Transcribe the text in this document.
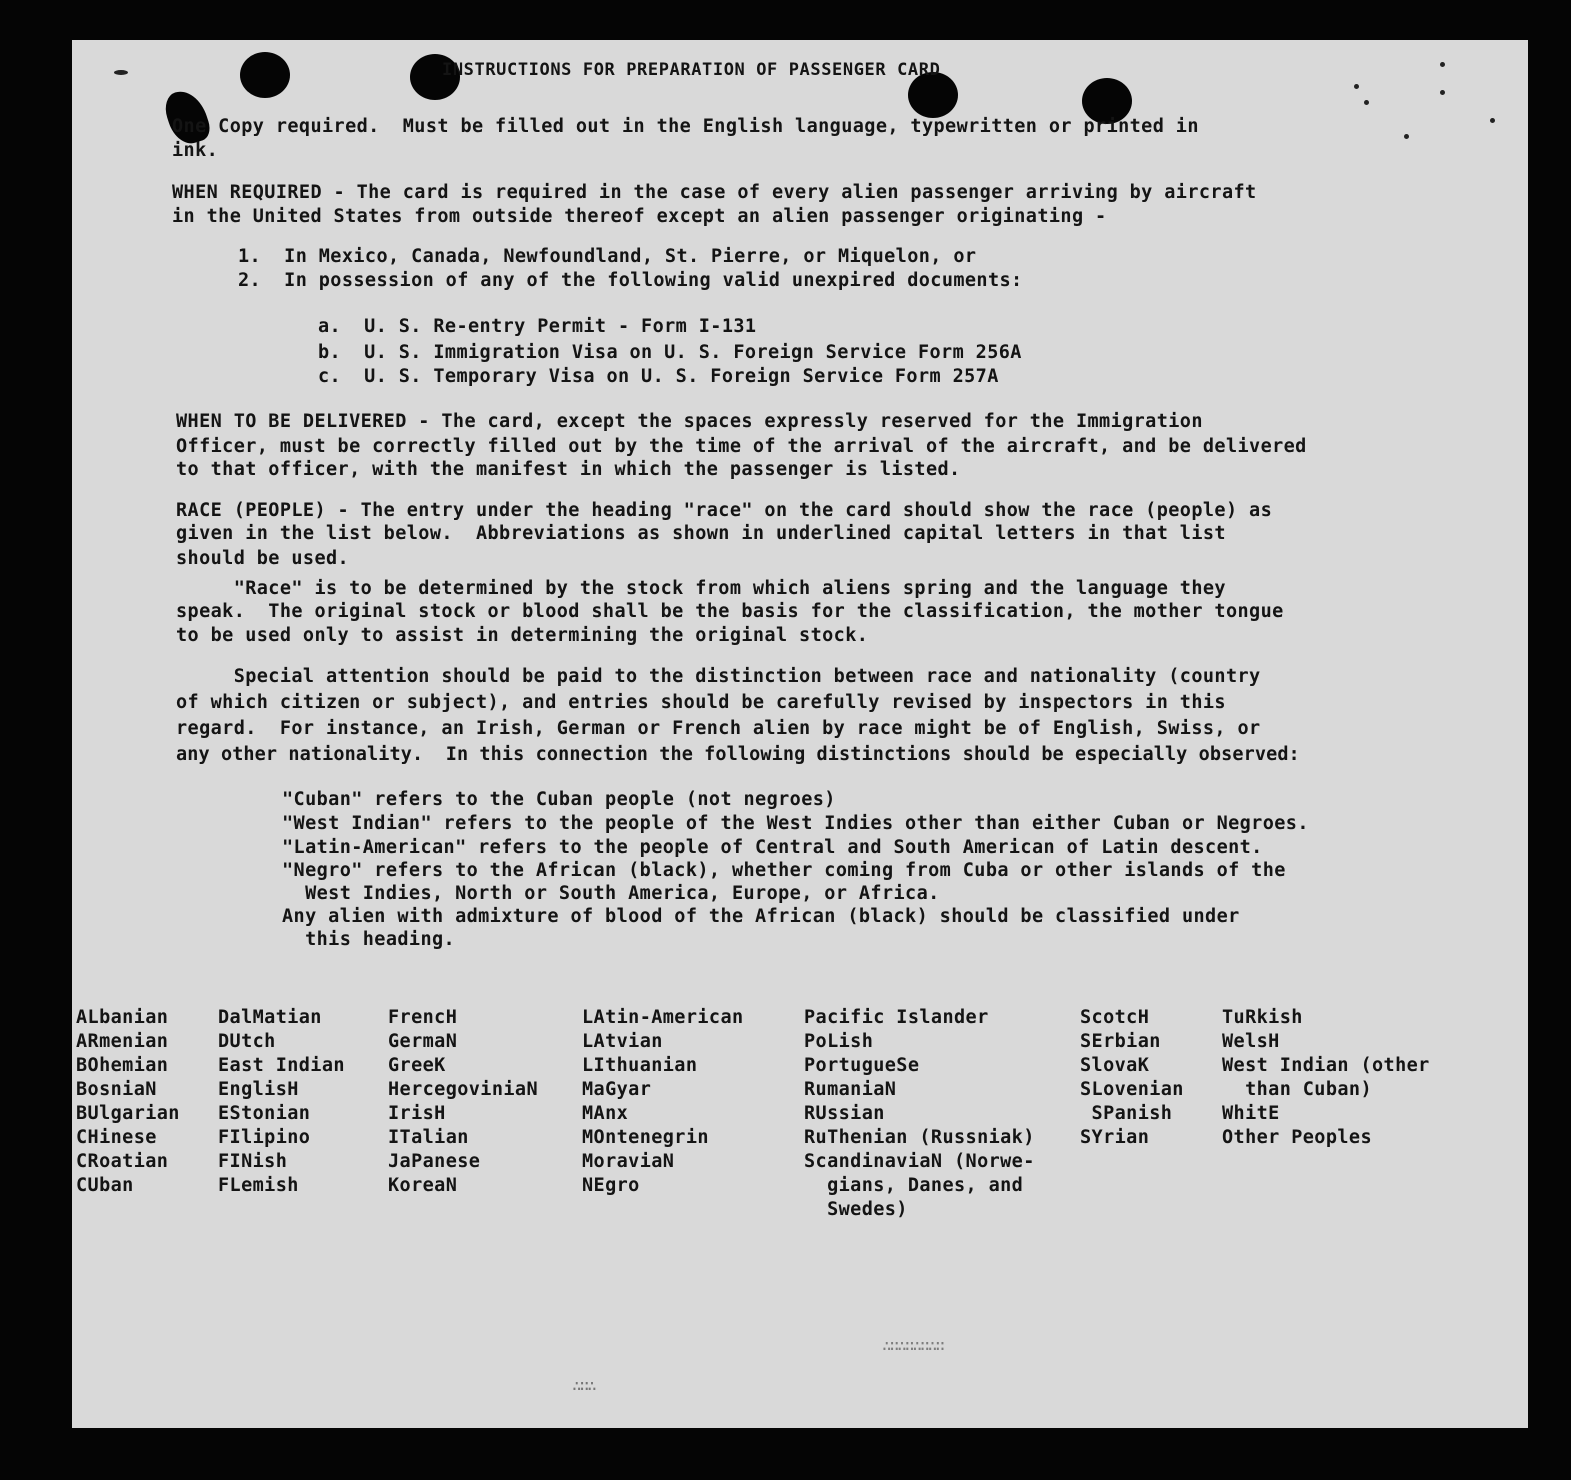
INSTRUCTIONS FOR PREPARATION OF PASSENGER CARD
One Copy required.  Must be filled out in the English language, typewritten or printed in
ink.
WHEN REQUIRED - The card is required in the case of every alien passenger arriving by aircraft
in the United States from outside thereof except an alien passenger originating -
1.  In Mexico, Canada, Newfoundland, St. Pierre, or Miquelon, or
2.  In possession of any of the following valid unexpired documents:
a.  U. S. Re-entry Permit - Form I-131
b.  U. S. Immigration Visa on U. S. Foreign Service Form 256A
c.  U. S. Temporary Visa on U. S. Foreign Service Form 257A
WHEN TO BE DELIVERED - The card, except the spaces expressly reserved for the Immigration
Officer, must be correctly filled out by the time of the arrival of the aircraft, and be delivered
to that officer, with the manifest in which the passenger is listed.
RACE (PEOPLE) - The entry under the heading "race" on the card should show the race (people) as
given in the list below.  Abbreviations as shown in underlined capital letters in that list
should be used.
"Race" is to be determined by the stock from which aliens spring and the language they
speak.  The original stock or blood shall be the basis for the classification, the mother tongue
to be used only to assist in determining the original stock.
Special attention should be paid to the distinction between race and nationality (country
of which citizen or subject), and entries should be carefully revised by inspectors in this
regard.  For instance, an Irish, German or French alien by race might be of English, Swiss, or
any other nationality.  In this connection the following distinctions should be especially observed:
"Cuban" refers to the Cuban people (not negroes)
"West Indian" refers to the people of the West Indies other than either Cuban or Negroes.
"Latin-American" refers to the people of Central and South American of Latin descent.
"Negro" refers to the African (black), whether coming from Cuba or other islands of the
West Indies, North or South America, Europe, or Africa.
Any alien with admixture of blood of the African (black) should be classified under
this heading.
ALbanian
ARmenian
BOhemian
BosniaN
BUlgarian
CHinese
CRoatian
CUban
DalMatian
DUtch
East Indian
EnglisH
EStonian
FIlipino
FINish
FLemish
FrencH
GermaN
GreeK
HercegoviniaN
IrisH
ITalian
JaPanese
KoreaN
LAtin-American
LAtvian
LIthuanian
MaGyar
MAnx
MOntenegrin
MoraviaN
NEgro
Pacific Islander
PoLish
PortugueSe
RumaniaN
RUssian
RuThenian (Russniak)
ScandinaviaN (Norwe-
gians, Danes, and
Swedes)
ScotcH
SErbian
SlovaK
SLovenian
SPanish
SYrian
TuRkish
WelsH
West Indian (other
than Cuban)
WhitE
Other Peoples
∴∷∴∷∴∷∴∷
∴∷∴
